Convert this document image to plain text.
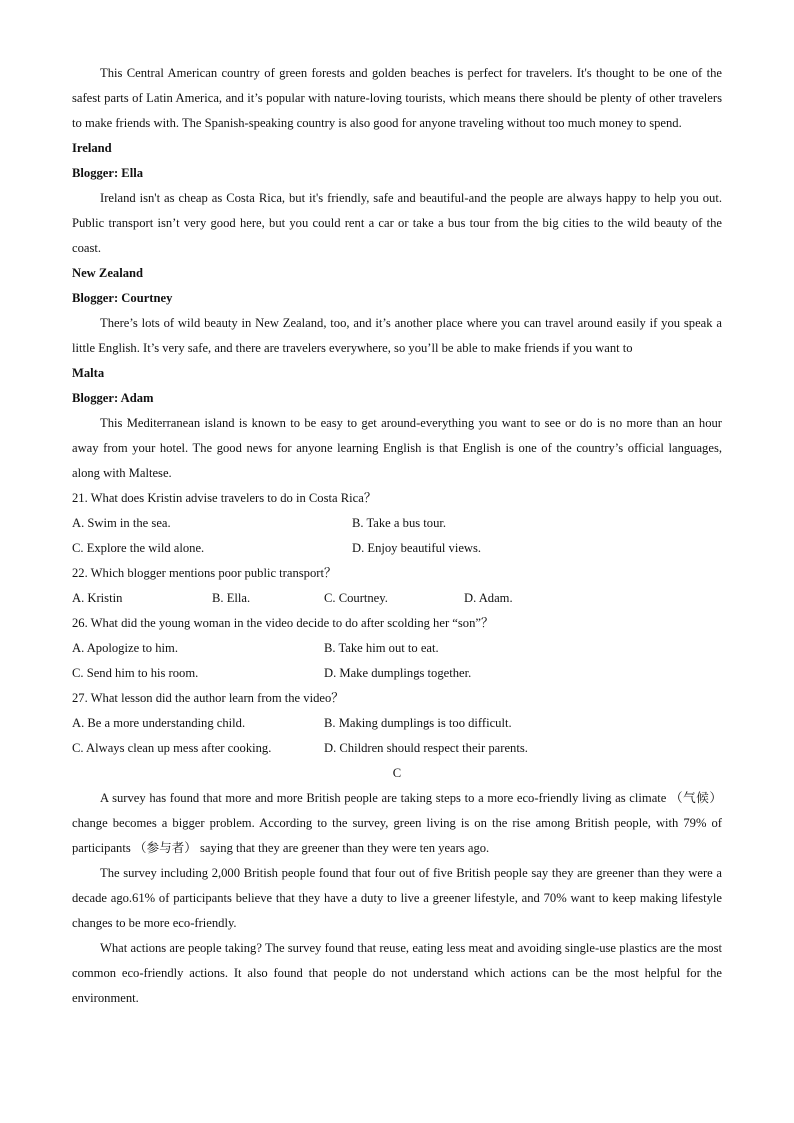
This Central American country of green forests and golden beaches is perfect for travelers. It's thought to be one of the safest parts of Latin America, and it’s popular with nature-loving tourists, which means there should be plenty of other travelers to make friends with. The Spanish-speaking country is also good for anyone traveling without too much money to spend.

Ireland

Blogger: Ella

Ireland isn't as cheap as Costa Rica, but it's friendly, safe and beautiful-and the people are always happy to help you out. Public transport isn’t very good here, but you could rent a car or take a bus tour from the big cities to the wild beauty of the coast.

New Zealand

Blogger: Courtney

There’s lots of wild beauty in New Zealand, too, and it’s another place where you can travel around easily if you speak a little English. It’s very safe, and there are travelers everywhere, so you’ll be able to make friends if you want to

Malta

Blogger: Adam

This Mediterranean island is known to be easy to get around-everything you want to see or do is no more than an hour away from your hotel. The good news for anyone learning English is that English is one of the country’s official languages, along with Maltese.

21. What does Kristin advise travelers to do in Costa Rica？

A. Swim in the sea.	B. Take a bus tour.
C. Explore the wild alone.	D. Enjoy beautiful views.

22. Which blogger mentions poor public transport？

A. Kristin	B. Ella.	C. Courtney.	D. Adam.

26. What did the young woman in the video decide to do after scolding her “son”？

A. Apologize to him.	B. Take him out to eat.
C. Send him to his room.	D. Make dumplings together.

27. What lesson did the author learn from the video？

A. Be a more understanding child.	B. Making dumplings is too difficult.
C. Always clean up mess after cooking.	D. Children should respect their parents.

C

A survey has found that more and more British people are taking steps to a more eco-friendly living as climate （气候） change becomes a bigger problem. According to the survey, green living is on the rise among British people, with 79% of participants （参与者） saying that they are greener than they were ten years ago.

The survey including 2,000 British people found that four out of five British people say they are greener than they were a decade ago.61% of participants believe that they have a duty to live a greener lifestyle, and 70% want to keep making lifestyle changes to be more eco-friendly.

What actions are people taking? The survey found that reuse, eating less meat and avoiding single-use plastics are the most common eco-friendly actions. It also found that people do not understand which actions can be the most helpful for the environment.
